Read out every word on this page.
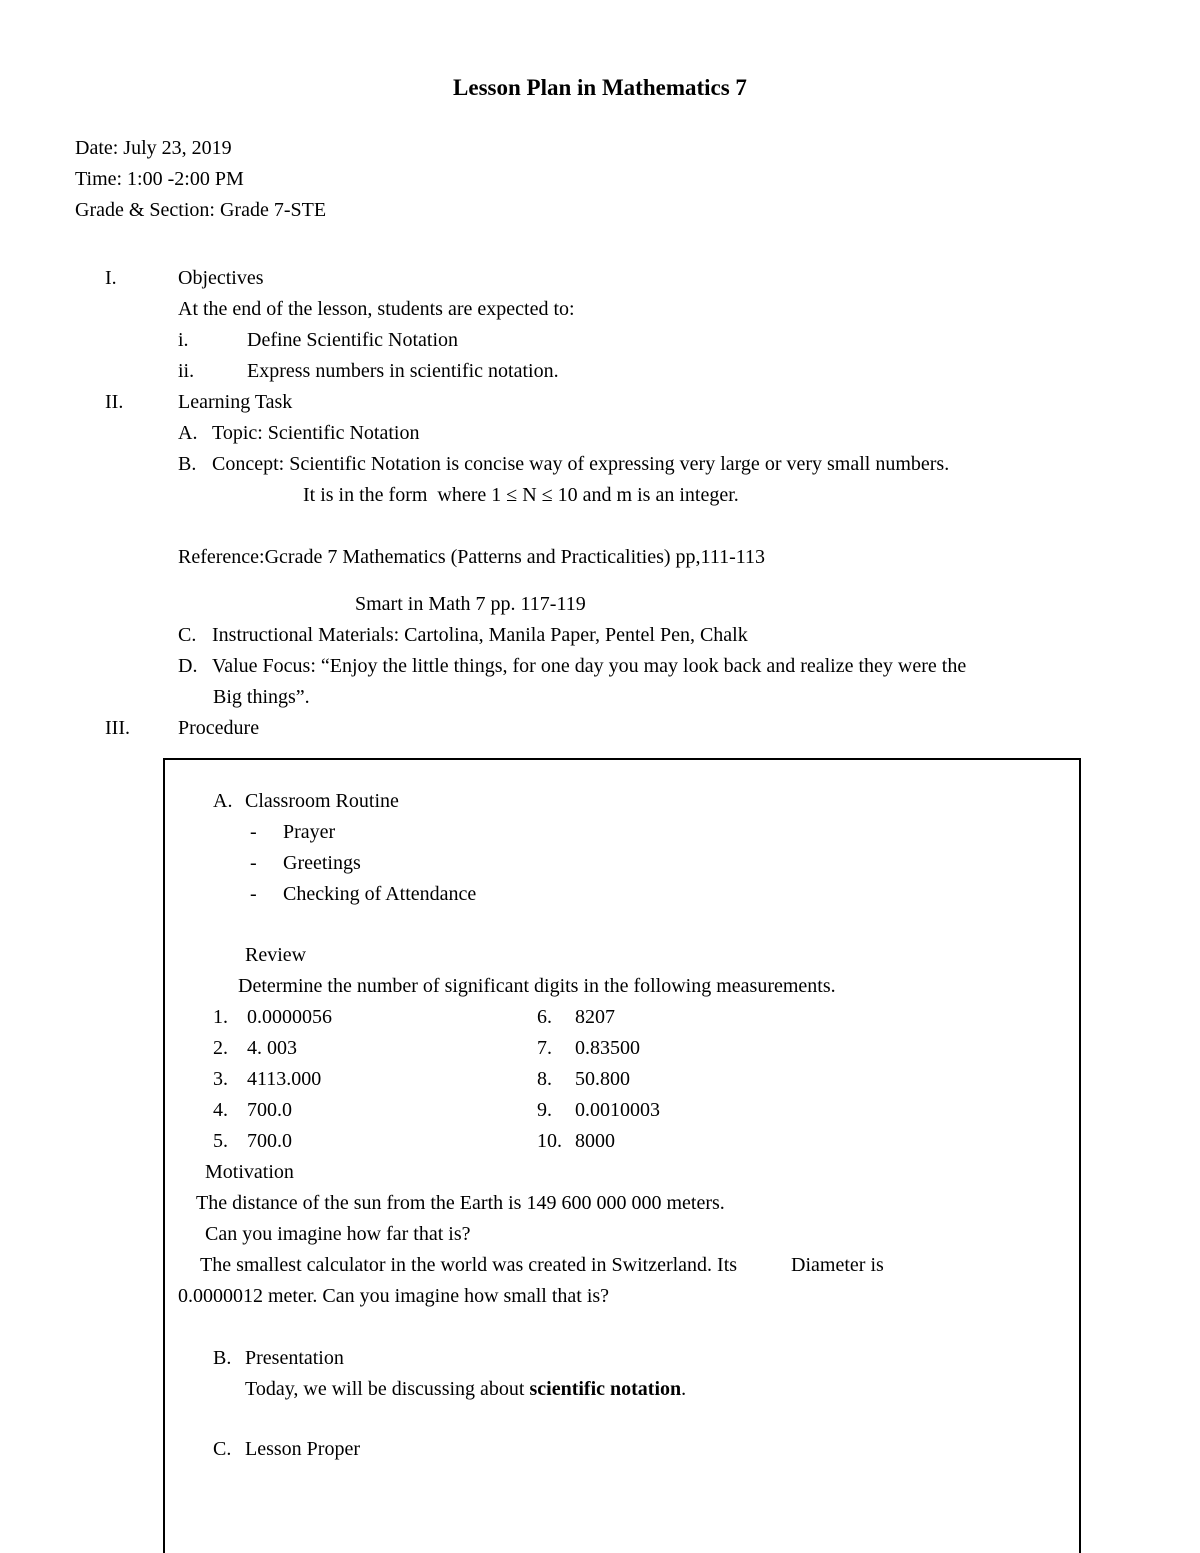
Lesson Plan in Mathematics 7
Date: July 23, 2019
Time: 1:00 -2:00 PM
Grade & Section: Grade 7-STE
I.	Objectives
At the end of the lesson, students are expected to:
i.	Define Scientific Notation
ii.	Express numbers in scientific notation.
II.	Learning Task
A. Topic: Scientific Notation
B. Concept: Scientific Notation is concise way of expressing very large or very small numbers.
It is in the form  where 1 ≤ N ≤ 10 and m is an integer.
Reference:Gcrade 7 Mathematics (Patterns and Practicalities) pp,111-113
Smart in Math 7 pp. 117-119
C. Instructional Materials: Cartolina, Manila Paper, Pentel Pen, Chalk
D. Value Focus: “Enjoy the little things, for one day you may look back and realize they were the
Big things”.
III.	Procedure
A. Classroom Routine
-	Prayer
-	Greetings
-	Checking of Attendance
Review
Determine the number of significant digits in the following measurements.
1. 0.0000056	6.	8207
2. 4. 003	7.	0.83500
3. 4113.000	8.	50.800
4. 700.0	9.	0.0010003
5. 700.0	10. 8000
Motivation
The distance of the sun from the Earth is 149 600 000 000 meters.
Can you imagine how far that is?
The smallest calculator in the world was created in Switzerland. Its	Diameter is
0.0000012 meter. Can you imagine how small that is?
B. Presentation
Today, we will be discussing about scientific notation.
C. Lesson Proper
